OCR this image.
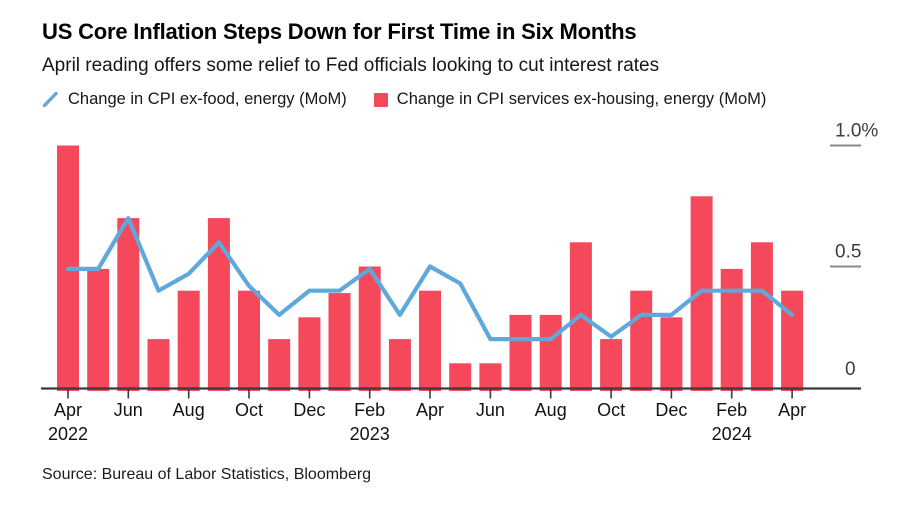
US Core Inflation Steps Down for First Time in Six Months
April reading offers some relief to Fed officials looking to cut interest rates
Change in CPI ex-food, energy (MoM)	Change in CPI services ex-housing, energy (MoM)
Apr
2022
Jun Aug Oct Dec Feb
2023
Apr Jun Aug Oct Dec Feb
2024
Apr
1.0%
0.5
0
Source: Bureau of Labor Statistics, Bloomberg
